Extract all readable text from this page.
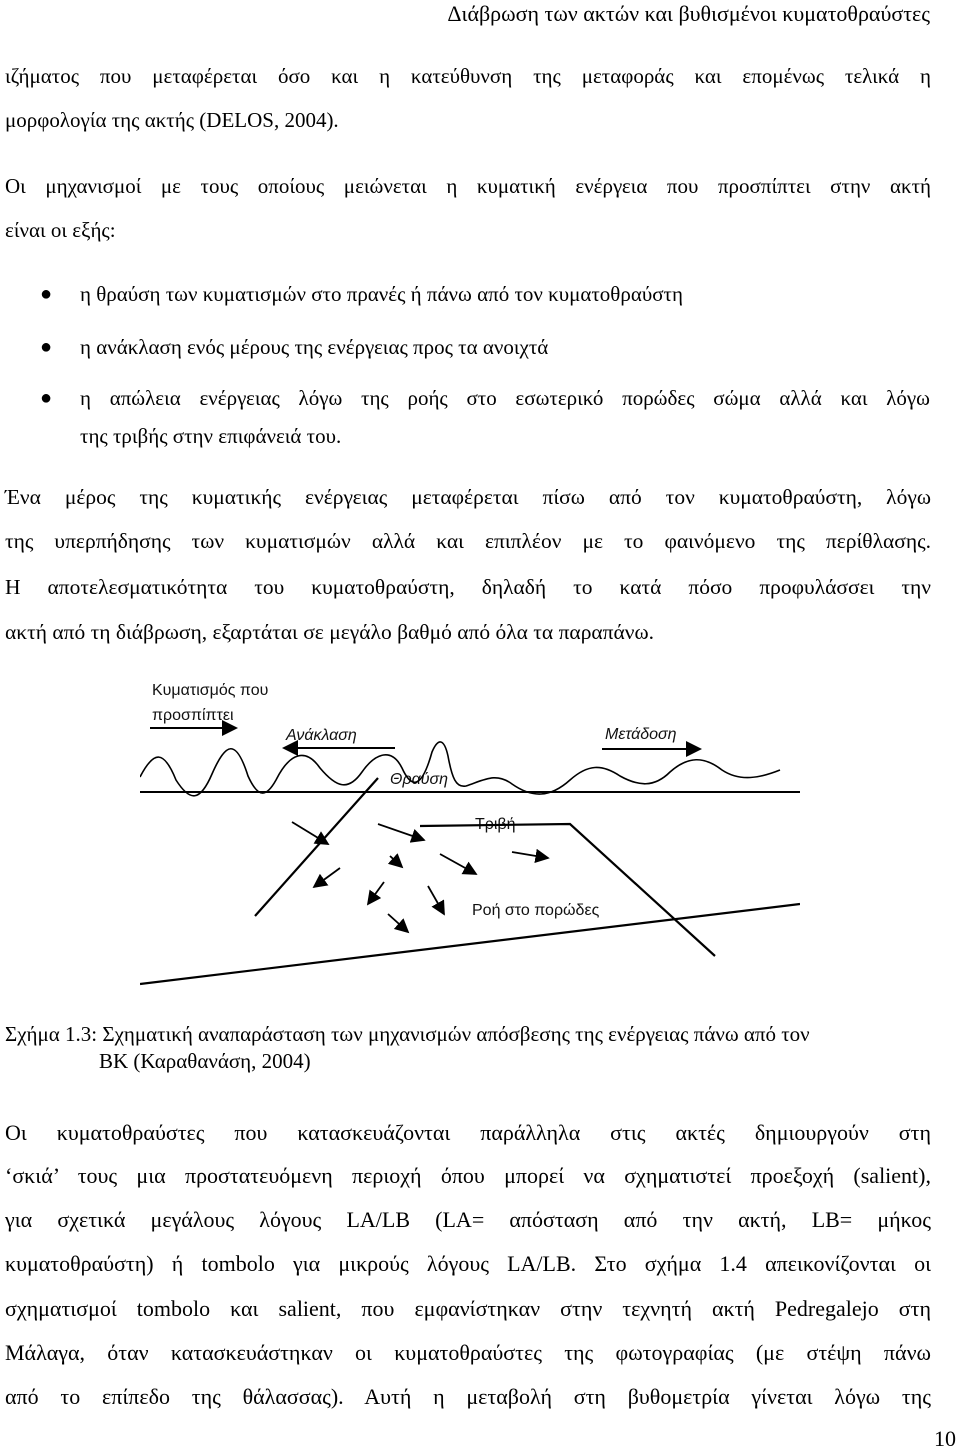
Διάβρωση των ακτών και βυθισμένοι κυματοθραύστες
ιζήματος που μεταφέρεται όσο και η κατεύθυνση της μεταφοράς και επομένως τελικά η
μορφολογία της ακτής (DELOS, 2004).
Οι μηχανισμοί με τους οποίους μειώνεται η κυματική ενέργεια που προσπίπτει στην ακτή
είναι οι εξής:
● η θραύση των κυματισμών στο πρανές ή πάνω από τον κυματοθραύστη
● η ανάκλαση ενός μέρους της ενέργειας προς τα ανοιχτά
● η απώλεια ενέργειας λόγω της ροής στο εσωτερικό πορώδες σώμα αλλά και λόγω
της τριβής στην επιφάνειά του.
Ένα μέρος της κυματικής ενέργειας μεταφέρεται πίσω από τον κυματοθραύστη, λόγω
της υπερπήδησης των κυματισμών αλλά και επιπλέον με το φαινόμενο της περίθλασης.
Η αποτελεσματικότητα του κυματοθραύστη, δηλαδή το κατά πόσο προφυλάσσει την
ακτή από τη διάβρωση, εξαρτάται σε μεγάλο βαθμό από όλα τα παραπάνω.
Κυματισμός που
προσπίπτει
Ανάκλαση	Μετάδοση
Θραύση
Τριβή
Ροή στο πορώδες
Σχήμα 1.3: Σχηματική αναπαράσταση των μηχανισμών απόσβεσης της ενέργειας πάνω από τον
ΒΚ (Καραθανάση, 2004)
Οι κυματοθραύστες που κατασκευάζονται παράλληλα στις ακτές δημιουργούν στη
‘σκιά’ τους μια προστατευόμενη περιοχή όπου μπορεί να σχηματιστεί προεξοχή (salient),
για σχετικά μεγάλους λόγους LA/LB (LA= απόσταση από την ακτή, LB= μήκος
κυματοθραύστη) ή tombolo για μικρούς λόγους LA/LB. Στο σχήμα 1.4 απεικονίζονται οι
σχηματισμοί tombolo και salient, που εμφανίστηκαν στην τεχνητή ακτή Pedregalejo στη
Μάλαγα, όταν κατασκευάστηκαν οι κυματοθραύστες της φωτογραφίας (με στέψη πάνω
από το επίπεδο της θάλασσας). Αυτή η μεταβολή στη βυθομετρία γίνεται λόγω της
10
